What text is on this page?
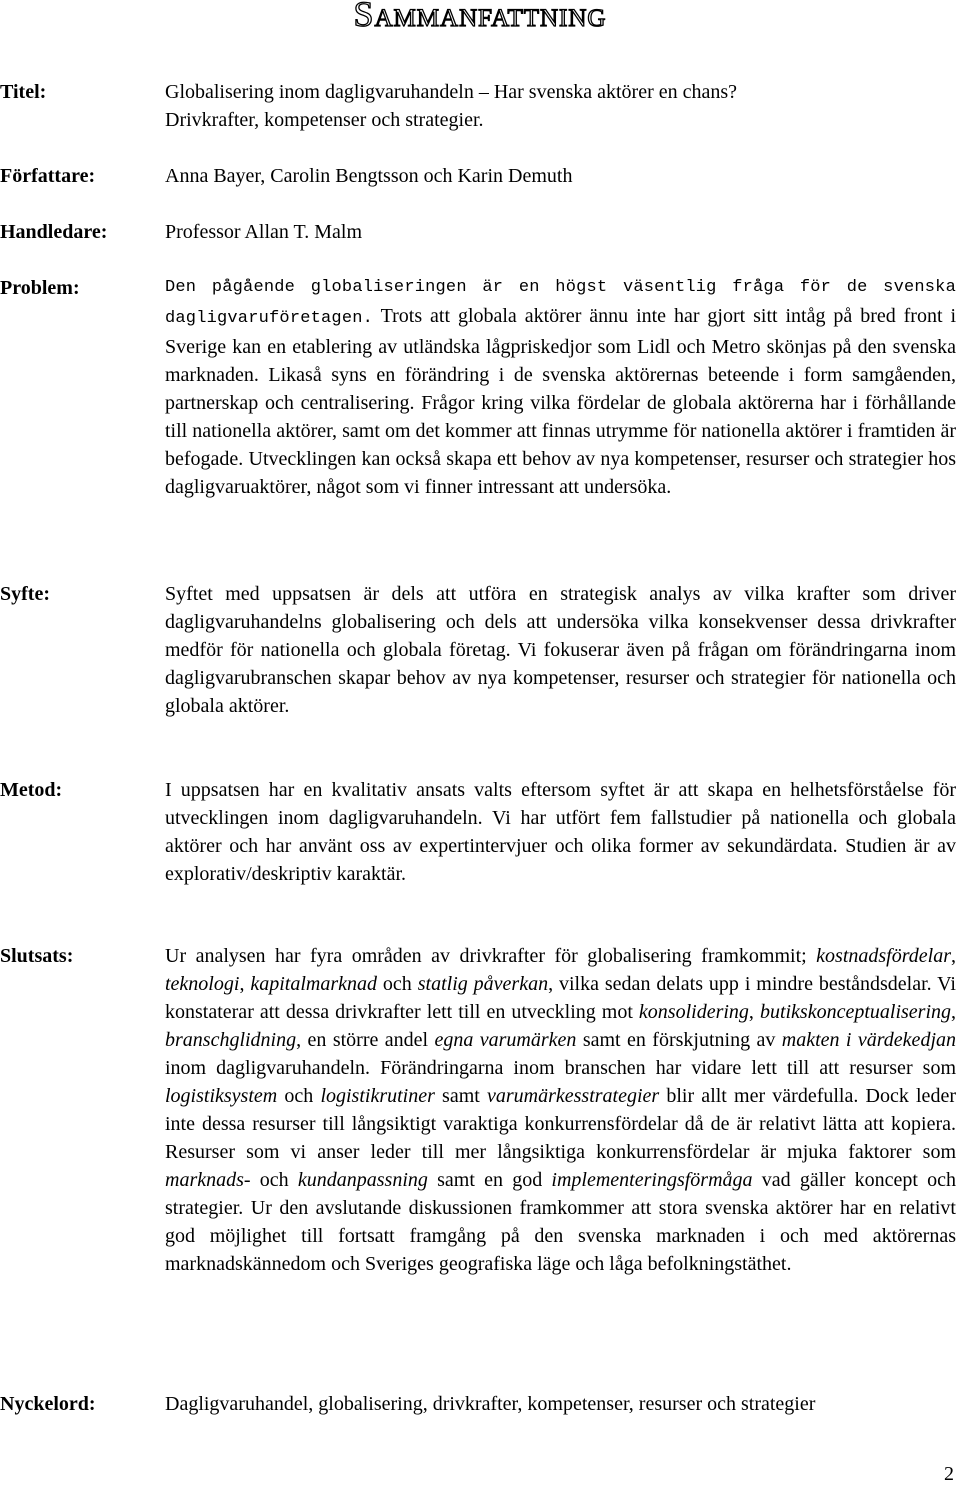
Sammanfattning
Titel:	Globalisering inom dagligvaruhandeln – Har svenska aktörer en chans?
Drivkrafter, kompetenser och strategier.
Författare:	Anna Bayer, Carolin Bengtsson och Karin Demuth
Handledare:	Professor Allan T. Malm
Problem:	Den pågående globaliseringen är en högst väsentlig fråga för de svenska
dagligvaruföretagen. Trots att globala aktörer ännu inte har gjort sitt intåg på bred front i Sverige kan en etablering av utländska lågpriskedjor som Lidl och Metro skönjas på den svenska marknaden. Likaså syns en förändring i de svenska aktörernas beteende i form samgåenden, partnerskap och centralisering. Frågor kring vilka fördelar de globala aktörerna har i förhållande till nationella aktörer, samt om det kommer att finnas utrymme för nationella aktörer i framtiden är befogade. Utvecklingen kan också skapa ett behov av nya kompetenser, resurser och strategier hos dagligvaruaktörer, något som vi finner intressant att undersöka.
Syfte:	Syftet med uppsatsen är dels att utföra en strategisk analys av vilka krafter som driver dagligvaruhandelns globalisering och dels att undersöka vilka konsekvenser dessa drivkrafter medför för nationella och globala företag. Vi fokuserar även på frågan om förändringarna inom dagligvarubranschen skapar behov av nya kompetenser, resurser och strategier för nationella och globala aktörer.
Metod:	I uppsatsen har en kvalitativ ansats valts eftersom syftet är att skapa en helhetsförståelse för utvecklingen inom dagligvaruhandeln. Vi har utfört fem fallstudier på nationella och globala aktörer och har använt oss av expertintervjuer och olika former av sekundärdata. Studien är av explorativ/deskriptiv karaktär.
Slutsats:	Ur analysen har fyra områden av drivkrafter för globalisering framkommit; kostnadsfördelar, teknologi, kapitalmarknad och statlig påverkan, vilka sedan delats upp i mindre beståndsdelar. Vi konstaterar att dessa drivkrafter lett till en utveckling mot konsolidering, butikskonceptualisering, branschglidning, en större andel egna varumärken samt en förskjutning av makten i värdekedjan inom dagligvaruhandeln. Förändringarna inom branschen har vidare lett till att resurser som logistiksystem och logistikrutiner samt varumärkesstrategier blir allt mer värdefulla. Dock leder inte dessa resurser till långsiktigt varaktiga konkurrensfördelar då de är relativt lätta att kopiera. Resurser som vi anser leder till mer långsiktiga konkurrensfördelar är mjuka faktorer som marknads- och kundanpassning samt en god implementeringsförmåga vad gäller koncept och strategier. Ur den avslutande diskussionen framkommer att stora svenska aktörer har en relativt god möjlighet till fortsatt framgång på den svenska marknaden i och med aktörernas marknadskännedom och Sveriges geografiska läge och låga befolkningstäthet.
Nyckelord:	Dagligvaruhandel, globalisering, drivkrafter, kompetenser, resurser och strategier
2
